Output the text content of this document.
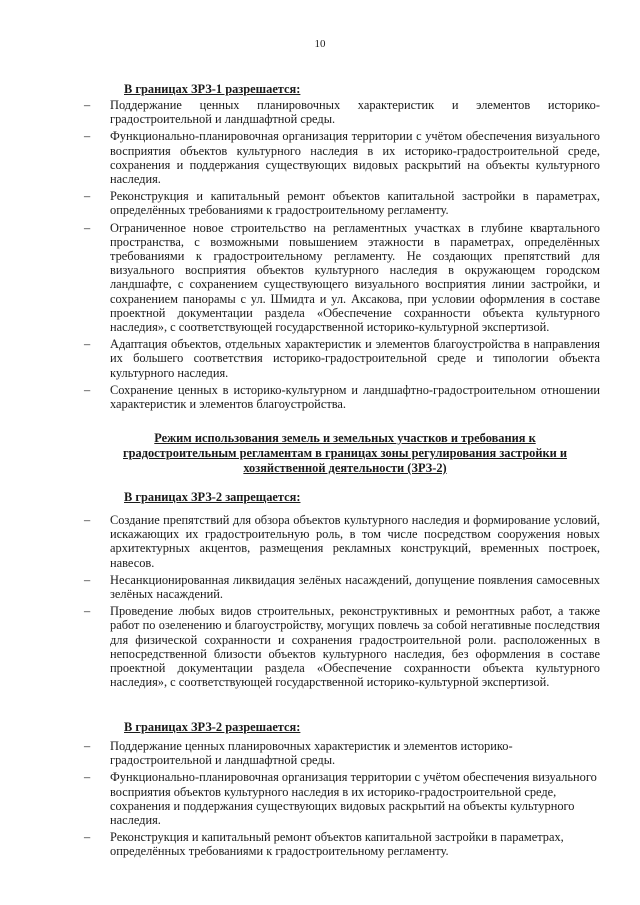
10
В границах ЗРЗ-1 разрешается:
– Поддержание ценных планировочных характеристик и элементов историко-градостроительной и ландшафтной среды.
– Функционально-планировочная организация территории с учётом обеспечения визуального восприятия объектов культурного наследия в их историко-градостроительной среде, сохранения и поддержания существующих видовых раскрытий на объекты культурного наследия.
– Реконструкция и капитальный ремонт объектов капитальной застройки в параметрах, определённых требованиями к градостроительному регламенту.
– Ограниченное новое строительство на регламентных участках в глубине квартального пространства, с возможными повышением этажности в параметрах, определённых требованиями к градостроительному регламенту. Не создающих препятствий для визуального восприятия объектов культурного наследия в окружающем городском ландшафте, с сохранением существующего визуального восприятия линии застройки, и сохранением панорамы с ул. Шмидта и ул. Аксакова, при условии оформления в составе проектной документации раздела «Обеспечение сохранности объекта культурного наследия», с соответствующей государственной историко-культурной экспертизой.
– Адаптация объектов, отдельных характеристик и элементов благоустройства в направления их большего соответствия историко-градостроительной среде и типологии объекта культурного наследия.
– Сохранение ценных в историко-культурном и ландшафтно-градостроительном отношении характеристик и элементов благоустройства.
Режим использования земель и земельных участков и требования к градостроительным регламентам в границах зоны регулирования застройки и хозяйственной деятельности (ЗРЗ-2)
В границах ЗРЗ-2 запрещается:
– Создание препятствий для обзора объектов культурного наследия и формирование условий, искажающих их градостроительную роль, в том числе посредством сооружения новых архитектурных акцентов, размещения рекламных конструкций, временных построек, навесов.
– Несанкционированная ликвидация зелёных насаждений, допущение появления самосевных зелёных насаждений.
– Проведение любых видов строительных, реконструктивных и ремонтных работ, а также работ по озеленению и благоустройству, могущих повлечь за собой негативные последствия для физической сохранности и сохранения градостроительной роли. расположенных в непосредственной близости объектов культурного наследия, без оформления в составе проектной документации раздела «Обеспечение сохранности объекта культурного наследия», с соответствующей государственной историко-культурной экспертизой.
В границах ЗРЗ-2 разрешается:
– Поддержание ценных планировочных характеристик и элементов историко-градостроительной и ландшафтной среды.
– Функционально-планировочная организация территории с учётом обеспечения визуального восприятия объектов культурного наследия в их историко-градостроительной среде, сохранения и поддержания существующих видовых раскрытий на объекты культурного наследия.
– Реконструкция и капитальный ремонт объектов капитальной застройки в параметрах, определённых требованиями к градостроительному регламенту.
